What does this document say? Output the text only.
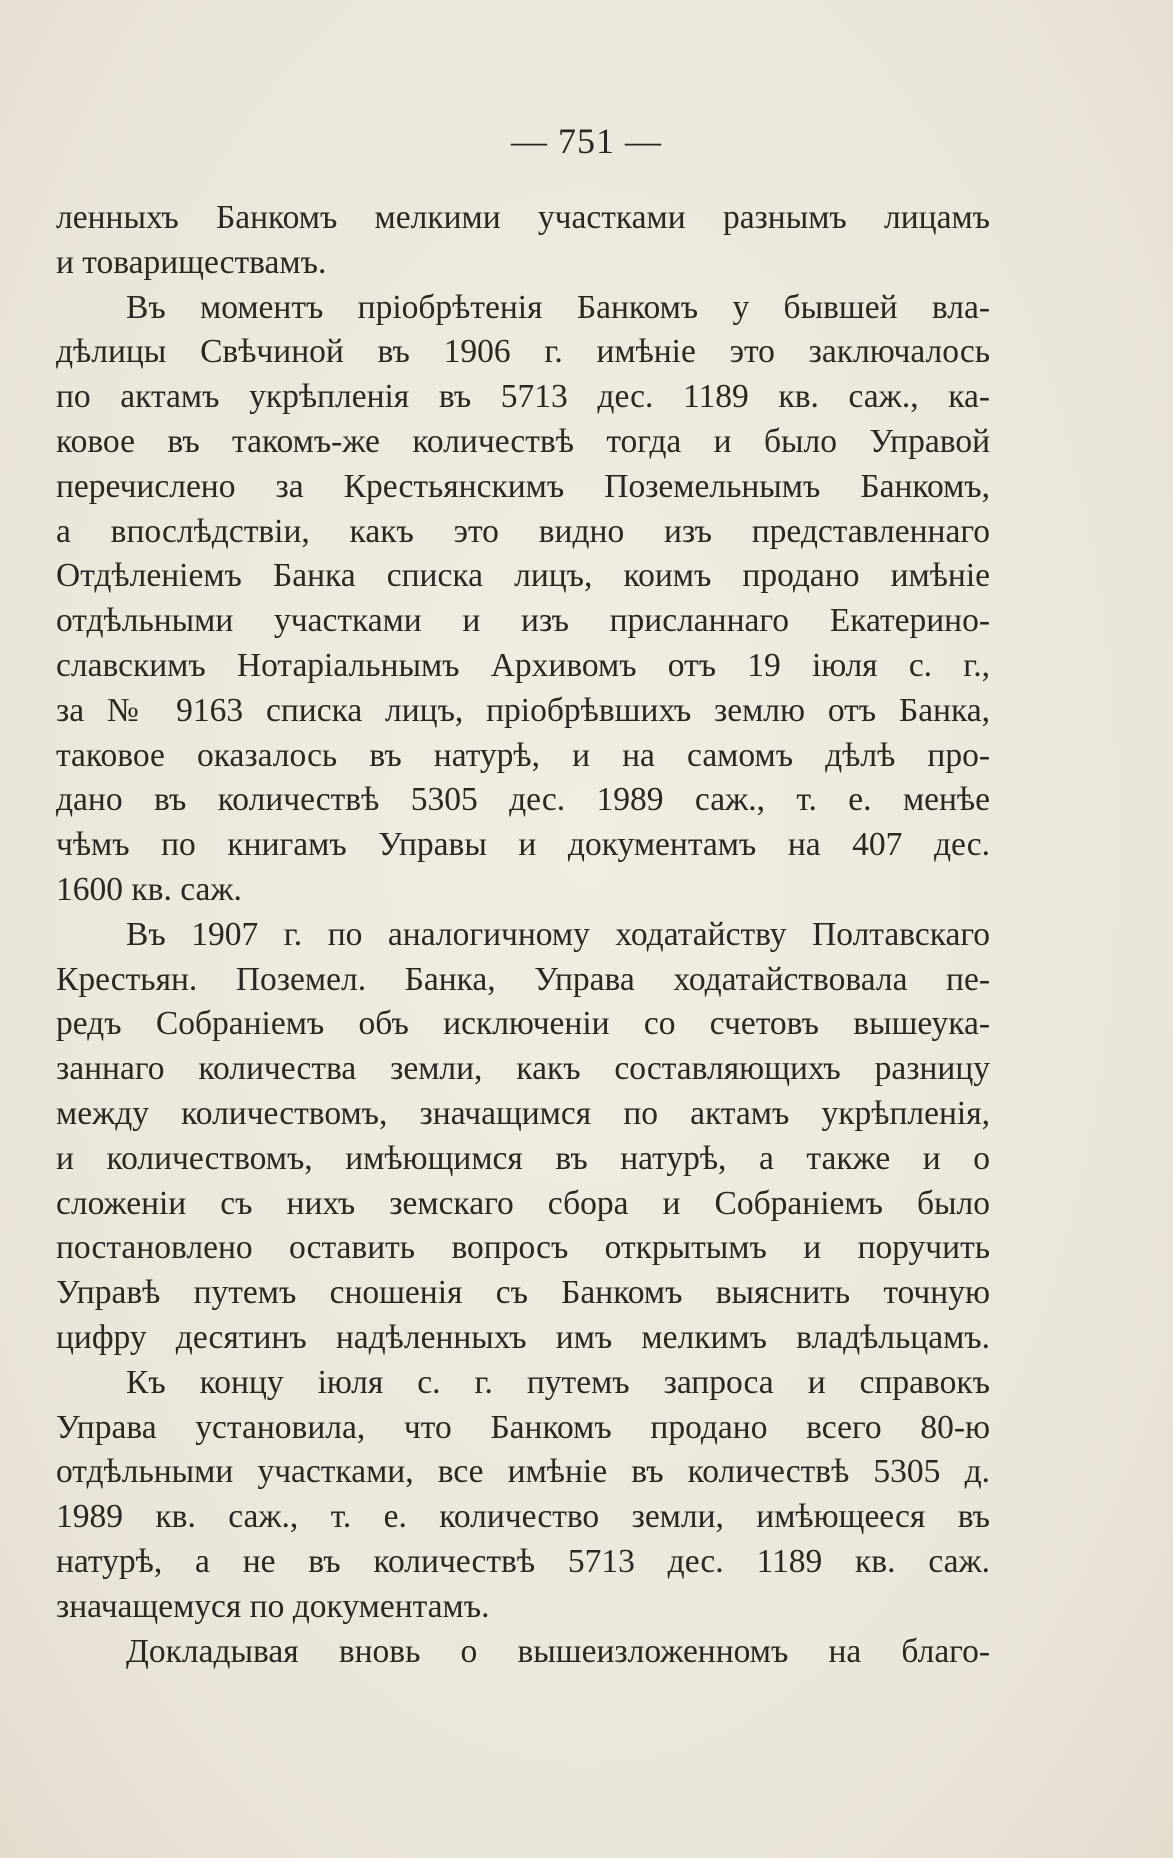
— 751 —
ленныхъ Банкомъ мелкими участками разнымъ лицамъ
и товариществамъ.
Въ моментъ пріобрѣтенія Банкомъ у бывшей вла-
дѣлицы Свѣчиной въ 1906 г. имѣніе это заключалось
по актамъ укрѣпленія въ 5713 дес. 1189 кв. саж., ка-
ковое въ такомъ-же количествѣ тогда и было Управой
перечислено за Крестьянскимъ Поземельнымъ Банкомъ,
а впослѣдствіи, какъ это видно изъ представленнаго
Отдѣленіемъ Банка списка лицъ, коимъ продано имѣніе
отдѣльными участками и изъ присланнаго Екатерино-
славскимъ Нотаріальнымъ Архивомъ отъ 19 іюля с. г.,
за № 9163 списка лицъ, пріобрѣвшихъ землю отъ Банка,
таковое оказалось въ натурѣ, и на самомъ дѣлѣ про-
дано въ количествѣ 5305 дес. 1989 саж., т. е. менѣе
чѣмъ по книгамъ Управы и документамъ на 407 дес.
1600 кв. саж.
Въ 1907 г. по аналогичному ходатайству Полтавскаго
Крестьян. Поземел. Банка, Управа ходатайствовала пе-
редъ Собраніемъ объ исключеніи со счетовъ вышеука-
заннаго количества земли, какъ составляющихъ разницу
между количествомъ, значащимся по актамъ укрѣпленія,
и количествомъ, имѣющимся въ натурѣ, а также и о
сложеніи съ нихъ земскаго сбора и Собраніемъ было
постановлено оставить вопросъ открытымъ и поручить
Управѣ путемъ сношенія съ Банкомъ выяснить точную
цифру десятинъ надѣленныхъ имъ мелкимъ владѣльцамъ.
Къ концу іюля с. г. путемъ запроса и справокъ
Управа установила, что Банкомъ продано всего 80-ю
отдѣльными участками, все имѣніе въ количествѣ 5305 д.
1989 кв. саж., т. е. количество земли, имѣющееся въ
натурѣ, а не въ количествѣ 5713 дес. 1189 кв. саж.
значащемуся по документамъ.
Докладывая вновь о вышеизложенномъ на благо-
